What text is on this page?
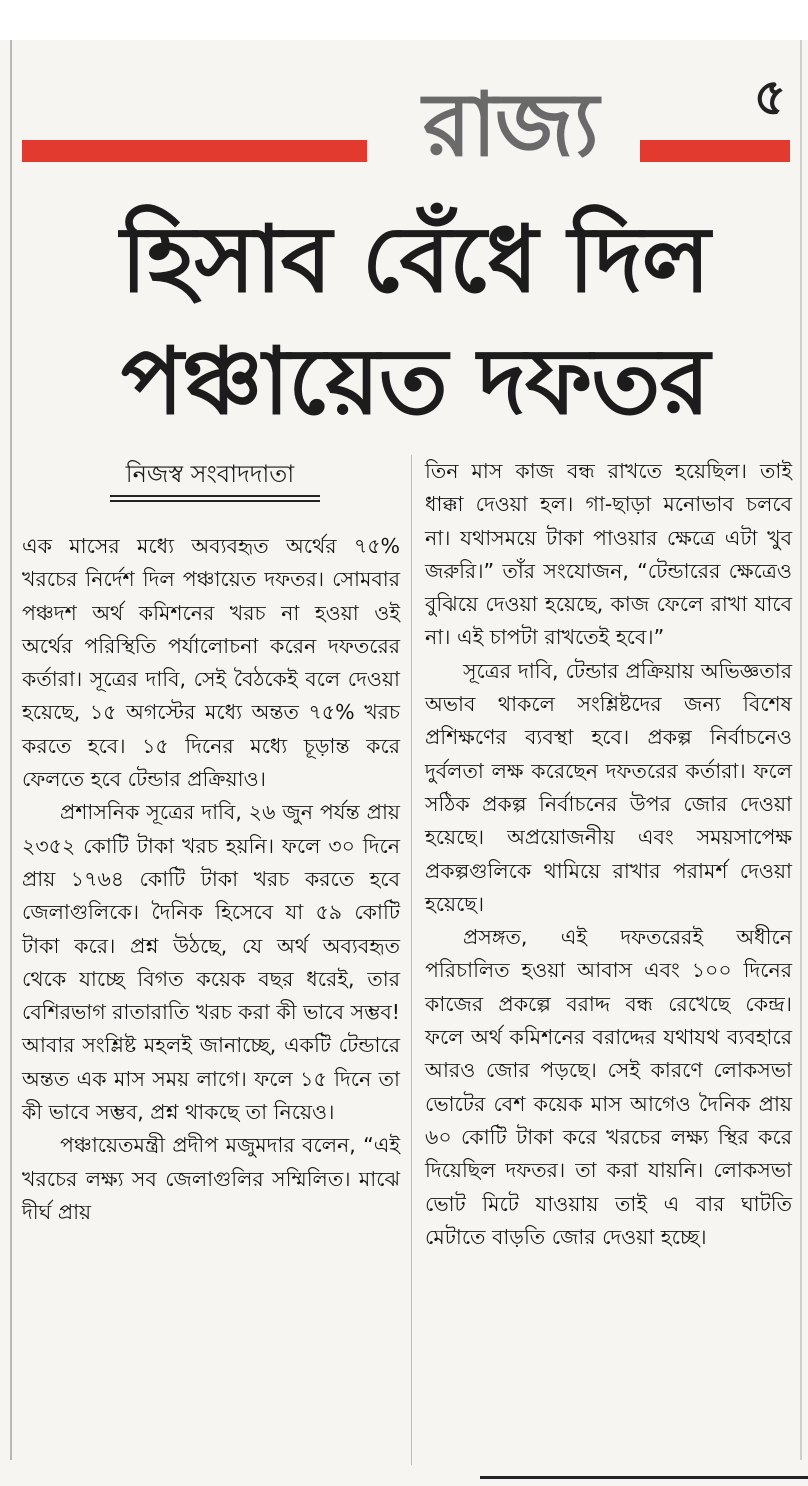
রাজ্য	৫
হিসাব বেঁধে দিল
পঞ্চায়েত দফতর
নিজস্ব সংবাদদাতা

এক মাসের মধ্যে অব্যবহৃত অর্থের ৭৫% খরচের নির্দেশ দিল পঞ্চায়েত দফতর। সোমবার পঞ্চদশ অর্থ কমিশনের খরচ না হওয়া ওই অর্থের পরিস্থিতি পর্যালোচনা করেন দফতরের কর্তারা। সূত্রের দাবি, সেই বৈঠকেই বলে দেওয়া হয়েছে, ১৫ অগস্টের মধ্যে অন্তত ৭৫% খরচ করতে হবে। ১৫ দিনের মধ্যে চূড়ান্ত করে ফেলতে হবে টেন্ডার প্রক্রিয়াও।

প্রশাসনিক সূত্রের দাবি, ২৬ জুন পর্যন্ত প্রায় ২৩৫২ কোটি টাকা খরচ হয়নি। ফলে ৩০ দিনে প্রায় ১৭৬৪ কোটি টাকা খরচ করতে হবে জেলাগুলিকে। দৈনিক হিসেবে যা ৫৯ কোটি টাকা করে। প্রশ্ন উঠছে, যে অর্থ অব্যবহৃত থেকে যাচ্ছে বিগত কয়েক বছর ধরেই, তার বেশিরভাগ রাতারাতি খরচ করা কী ভাবে সম্ভব! আবার সংশ্লিষ্ট মহলই জানাচ্ছে, একটি টেন্ডারে অন্তত এক মাস সময় লাগে। ফলে ১৫ দিনে তা কী ভাবে সম্ভব, প্রশ্ন থাকছে তা নিয়েও।

পঞ্চায়েতমন্ত্রী প্রদীপ মজুমদার বলেন, “এই খরচের লক্ষ্য সব জেলাগুলির সম্মিলিত। মাঝে দীর্ঘ প্রায়

তিন মাস কাজ বন্ধ রাখতে হয়েছিল। তাই ধাক্কা দেওয়া হল। গা-ছাড়া মনোভাব চলবে না। যথাসময়ে টাকা পাওয়ার ক্ষেত্রে এটা খুব জরুরি।” তাঁর সংযোজন, “টেন্ডারের ক্ষেত্রেও বুঝিয়ে দেওয়া হয়েছে, কাজ ফেলে রাখা যাবে না। এই চাপটা রাখতেই হবে।”

সূত্রের দাবি, টেন্ডার প্রক্রিয়ায় অভিজ্ঞতার অভাব থাকলে সংশ্লিষ্টদের জন্য বিশেষ প্রশিক্ষণের ব্যবস্থা হবে। প্রকল্প নির্বাচনেও দুর্বলতা লক্ষ করেছেন দফতরের কর্তারা। ফলে সঠিক প্রকল্প নির্বাচনের উপর জোর দেওয়া হয়েছে। অপ্রয়োজনীয় এবং সময়সাপেক্ষ প্রকল্পগুলিকে থামিয়ে রাখার পরামর্শ দেওয়া হয়েছে।

প্রসঙ্গত, এই দফতরেরই অধীনে পরিচালিত হওয়া আবাস এবং ১০০ দিনের কাজের প্রকল্পে বরাদ্দ বন্ধ রেখেছে কেন্দ্র। ফলে অর্থ কমিশনের বরাদ্দের যথাযথ ব্যবহারে আরও জোর পড়ছে। সেই কারণে লোকসভা ভোটের বেশ কয়েক মাস আগেও দৈনিক প্রায় ৬০ কোটি টাকা করে খরচের লক্ষ্য স্থির করে দিয়েছিল দফতর। তা করা যায়নি। লোকসভা ভোট মিটে যাওয়ায় তাই এ বার ঘাটতি মেটাতে বাড়তি জোর দেওয়া হচ্ছে।
